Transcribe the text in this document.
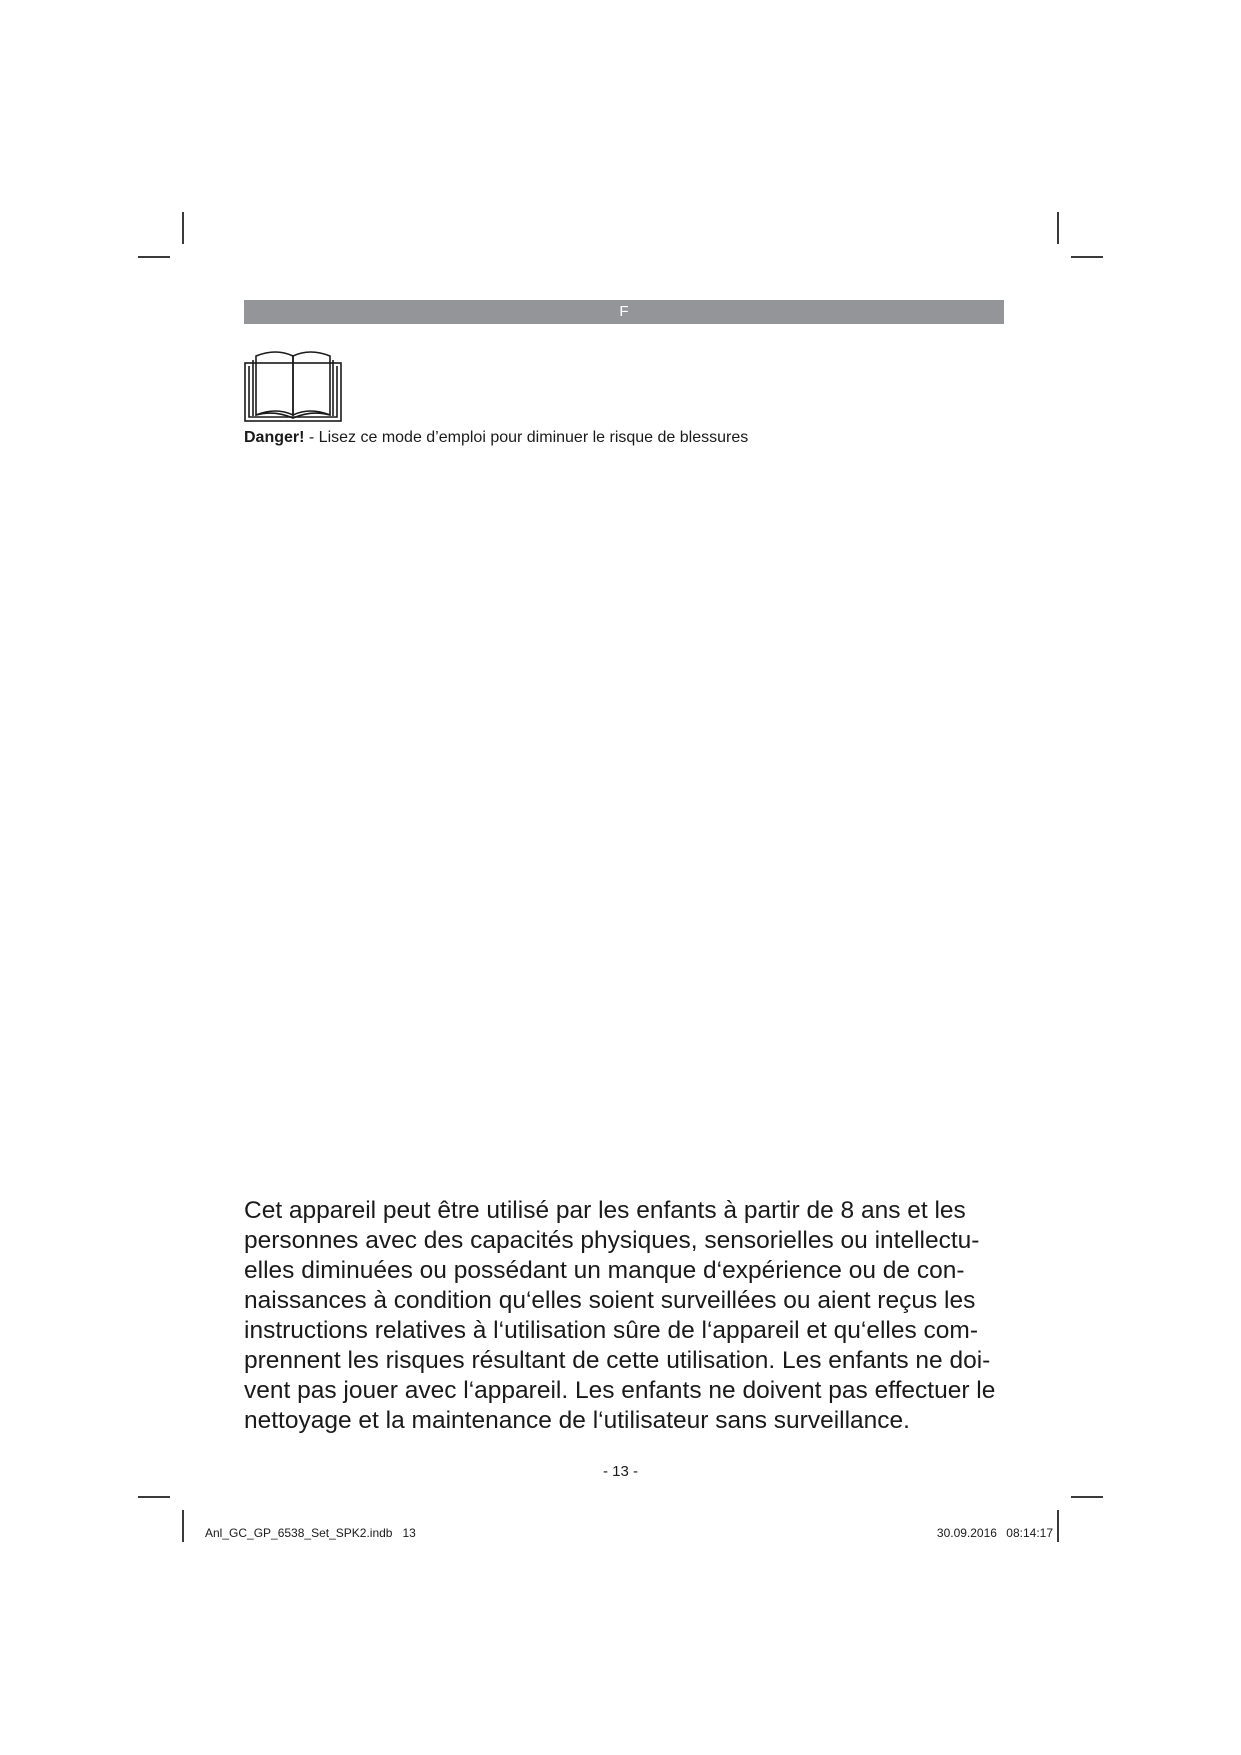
F
Danger! - Lisez ce mode d’emploi pour diminuer le risque de blessures

Cet appareil peut être utilisé par les enfants à partir de 8 ans et les
personnes avec des capacités physiques, sensorielles ou intellectu-
elles diminuées ou possédant un manque d‘expérience ou de con-
naissances à condition qu‘elles soient surveillées ou aient reçus les
instructions relatives à l‘utilisation sûre de l‘appareil et qu‘elles com-
prennent les risques résultant de cette utilisation. Les enfants ne doi-
vent pas jouer avec l‘appareil. Les enfants ne doivent pas effectuer le
nettoyage et la maintenance de l‘utilisateur sans surveillance.

- 13 -
Anl_GC_GP_6538_Set_SPK2.indb   13	30.09.2016 08:14:17
